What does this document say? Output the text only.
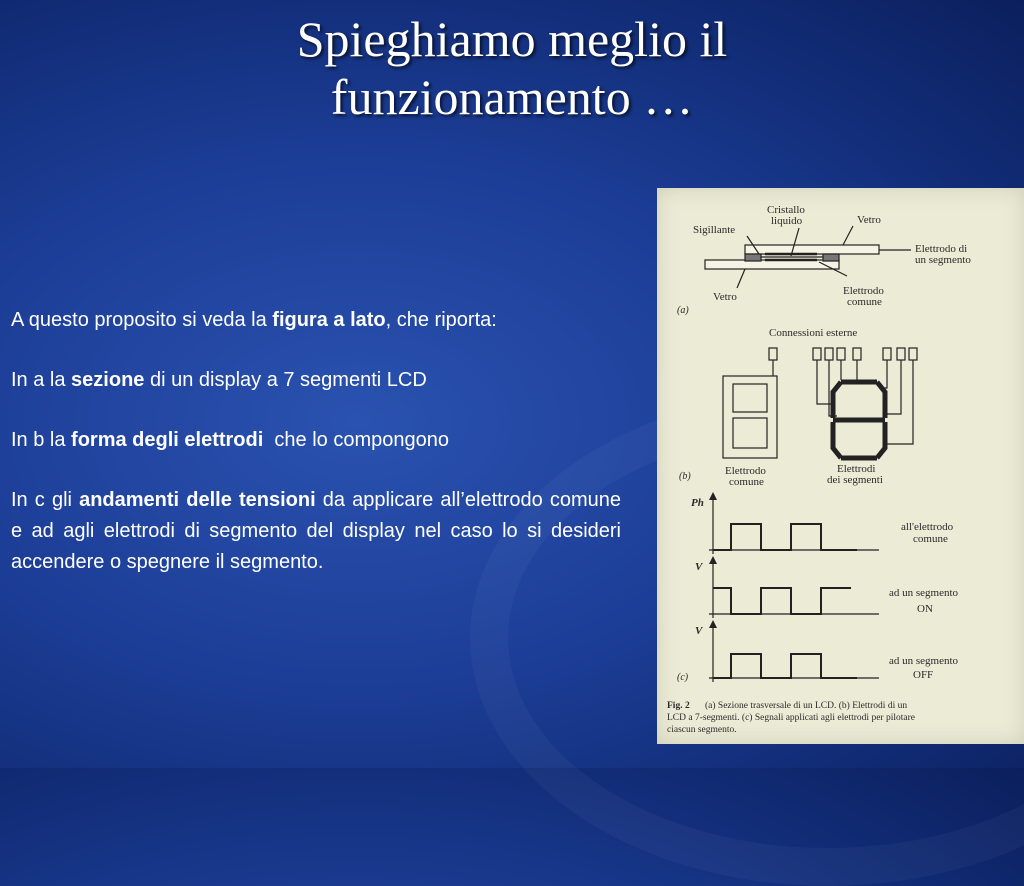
Spieghiamo meglio il
funzionamento …

A questo proposito si veda la figura a lato, che riporta:

In a la sezione di un display a 7 segmenti LCD

In b la forma degli elettrodi  che lo compongono

In c gli andamenti delle tensioni da applicare all’elettrodo comune e ad agli elettrodi di segmento del display nel caso lo si desideri accendere o spegnere il segmento.

Cristallo
liquido	Vetro
Sigillante
Elettrodo di
un segmento
Vetro	Elettrodo
comune
(a)
Connessioni esterne
Elettrodo
comune
Elettrodi
dei segmenti
(b)
Ph
V
V
all'elettrodo
comune
ad un segmento
ON
ad un segmento
OFF
(c)
Fig. 2 (a) Sezione trasversale di un LCD. (b) Elettrodi di un
LCD a 7-segmenti. (c) Segnali applicati agli elettrodi per pilotare
ciascun segmento.
